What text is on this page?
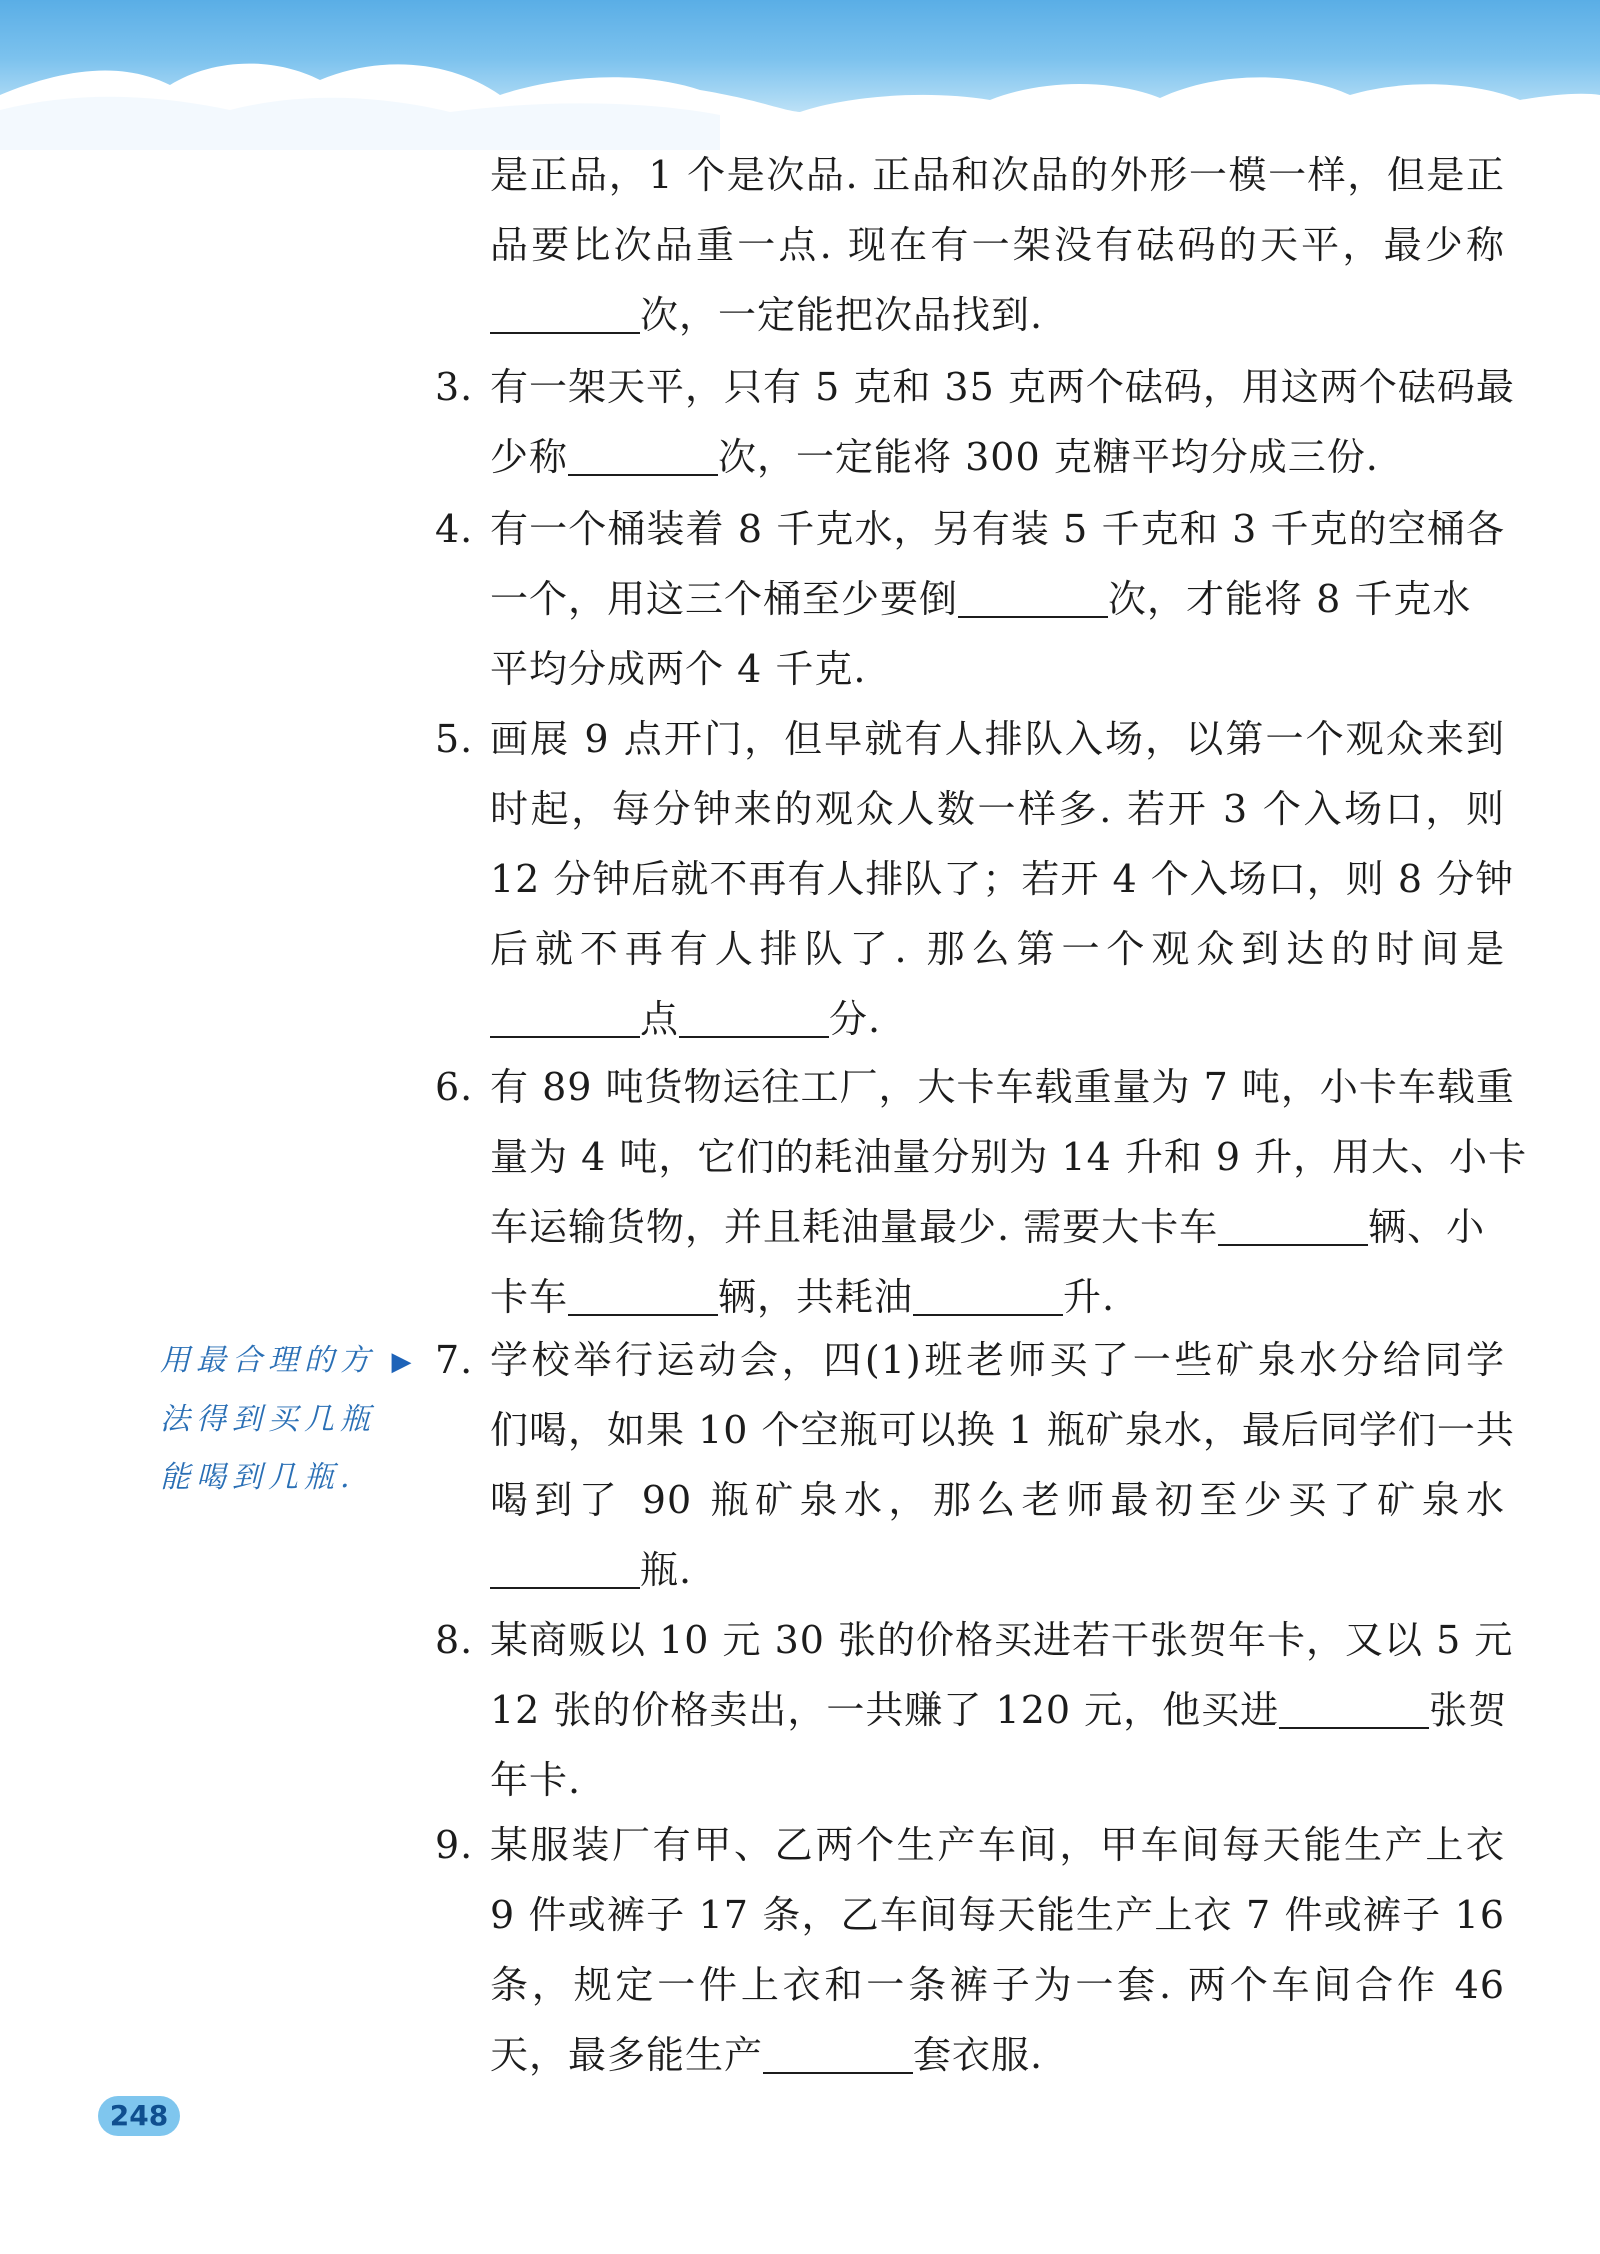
是正品，1 个是次品. 正品和次品的外形一模一样，但是正
品要比次品重一点. 现在有一架没有砝码的天平，最少称
次，一定能把次品找到.
3. 有一架天平，只有 5 克和 35 克两个砝码，用这两个砝码最
少称	次，一定能将 300 克糖平均分成三份.
4. 有一个桶装着 8 千克水，另有装 5 千克和 3 千克的空桶各
一个，用这三个桶至少要倒	次，才能将 8 千克水
平均分成两个 4 千克.
5. 画展 9 点开门，但早就有人排队入场，以第一个观众来到
时起，每分钟来的观众人数一样多. 若开 3 个入场口，则
12 分钟后就不再有人排队了；若开 4 个入场口，则 8 分钟
后就不再有人排队了. 那么第一个观众到达的时间是
点	分.
6. 有 89 吨货物运往工厂，大卡车载重量为 7 吨，小卡车载重
量为 4 吨，它们的耗油量分别为 14 升和 9 升，用大、小卡
车运输货物，并且耗油量最少. 需要大卡车	辆、小
卡车	辆，共耗油	升.
7. 学校举行运动会，四(1)班老师买了一些矿泉水分给同学
们喝，如果 10 个空瓶可以换 1 瓶矿泉水，最后同学们一共
喝到了 90 瓶矿泉水，那么老师最初至少买了矿泉水
瓶.
用最合理的方 ▶
法得到买几瓶
能喝到几瓶.
8. 某商贩以 10 元 30 张的价格买进若干张贺年卡，又以 5 元
12 张的价格卖出，一共赚了 120 元，他买进	张贺
年卡.
9. 某服装厂有甲、乙两个生产车间，甲车间每天能生产上衣
9 件或裤子 17 条，乙车间每天能生产上衣 7 件或裤子 16
条，规定一件上衣和一条裤子为一套. 两个车间合作 46
天，最多能生产	套衣服.
248
